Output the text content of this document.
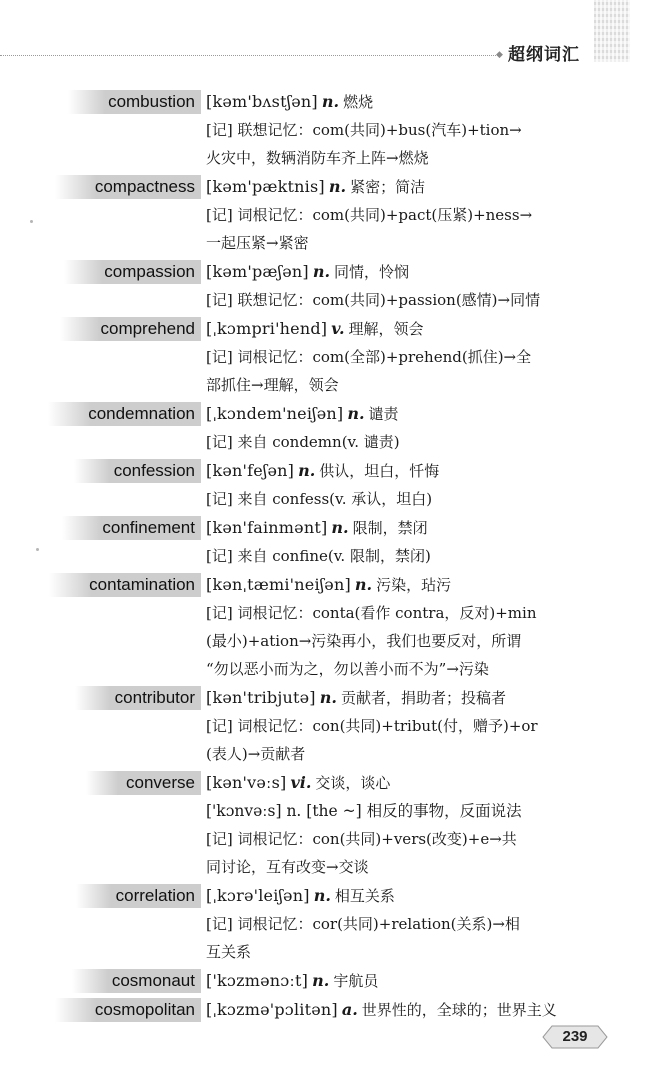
◆ 超纲词汇
combustion [kəm'bʌstʃən] n. 燃烧
[记] 联想记忆：com(共同)+bus(汽车)+tion→
火灾中，数辆消防车齐上阵→燃烧
compactness [kəm'pæktnis] n. 紧密；简洁
[记] 词根记忆：com(共同)+pact(压紧)+ness→
一起压紧→紧密
compassion [kəm'pæʃən] n. 同情，怜悯
[记] 联想记忆：com(共同)+passion(感情)→同情
comprehend [ˌkɔmpri'hend] v. 理解，领会
[记] 词根记忆：com(全部)+prehend(抓住)→全
部抓住→理解，领会
condemnation [ˌkɔndem'neiʃən] n. 谴责
[记] 来自 condemn(v. 谴责)
confession [kən'feʃən] n. 供认，坦白，忏悔
[记] 来自 confess(v. 承认，坦白)
confinement [kən'fainmənt] n. 限制，禁闭
[记] 来自 confine(v. 限制，禁闭)
contamination [kənˌtæmi'neiʃən] n. 污染，玷污
[记] 词根记忆：conta(看作 contra，反对)+min
(最小)+ation→污染再小，我们也要反对，所谓
“勿以恶小而为之，勿以善小而不为”→污染
contributor [kən'tribjutə] n. 贡献者，捐助者；投稿者
[记] 词根记忆：con(共同)+tribut(付，赠予)+or
(表人)→贡献者
converse [kən'vəːs] vi. 交谈，谈心
['kɔnvəːs] n. [the ~] 相反的事物，反面说法
[记] 词根记忆：con(共同)+vers(改变)+e→共
同讨论，互有改变→交谈
correlation [ˌkɔrə'leiʃən] n. 相互关系
[记] 词根记忆：cor(共同)+relation(关系)→相
互关系
cosmonaut ['kɔzmənɔːt] n. 宇航员
cosmopolitan [ˌkɔzmə'pɔlitən] a. 世界性的，全球的；世界主义
239
